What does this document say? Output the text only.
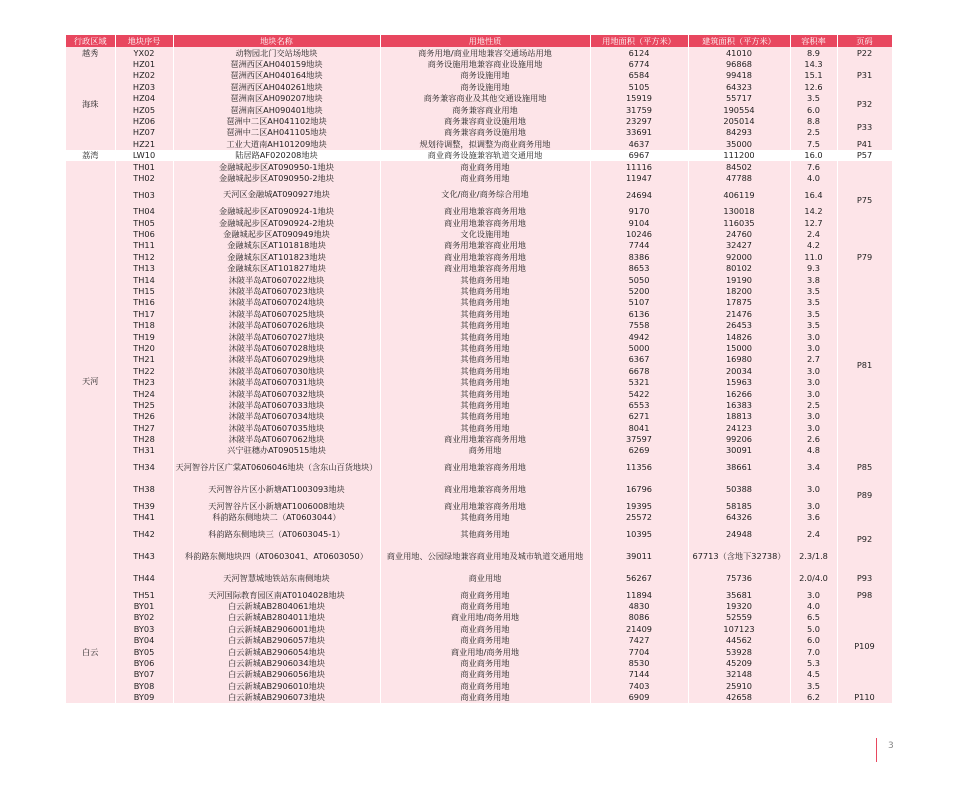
行政区域	地块序号	地块名称	用地性质	用地面积（平方米）	建筑面积（平方米）	容积率	页码
越秀	YX02	动物园北门交站场地块	商务用地/商业用地兼容交通场站用地	6124	41010	8.9	P22
海珠	HZ01	琶洲西区AH040159地块	商务设施用地兼容商业设施用地	6774	96868	14.3	P31
	HZ02	琶洲西区AH040164地块	商务设施用地	6584	99418	15.1	
	HZ03	琶洲西区AH040261地块	商务设施用地	5105	64323	12.6	
	HZ04	琶洲南区AH090207地块	商务兼容商业及其他交通设施用地	15919	55717	3.5	P32
	HZ05	琶洲南区AH090401地块	商务兼容商业用地	31759	190554	6.0	
	HZ06	琶洲中二区AH041102地块	商务兼容商业设施用地	23297	205014	8.8	P33
	HZ07	琶洲中二区AH041105地块	商务兼容商务设施用地	33691	84293	2.5	
	HZ21	工业大道南AH101209地块	规划待调整，拟调整为商业商务用地	4637	35000	7.5	P41
荔湾	LW10	陆居路AF020208地块	商业商务设施兼容轨道交通用地	6967	111200	16.0	P57
天河	TH01	金融城起步区AT090950-1地块	商业商务用地	11116	84502	7.6	P75
	TH02	金融城起步区AT090950-2地块	商业商务用地	11947	47788	4.0	
	TH03	天河区金融城AT090927地块	文化/商业/商务综合用地	24694	406119	16.4	
	TH04	金融城起步区AT090924-1地块	商业用地兼容商务用地	9170	130018	14.2	
	TH05	金融城起步区AT090924-2地块	商业用地兼容商务用地	9104	116035	12.7	
	TH06	金融城起步区AT090949地块	文化设施用地	10246	24760	2.4	
	TH11	金融城东区AT101818地块	商务用地兼容商业用地	7744	32427	4.2	P79
	TH12	金融城东区AT101823地块	商业用地兼容商务用地	8386	92000	11.0	
	TH13	金融城东区AT101827地块	商业用地兼容商务用地	8653	80102	9.3	
	TH14	沐陂半岛AT0607022地块	其他商务用地	5050	19190	3.8	P81
	TH15	沐陂半岛AT0607023地块	其他商务用地	5200	18200	3.5	
	TH16	沐陂半岛AT0607024地块	其他商务用地	5107	17875	3.5	
	TH17	沐陂半岛AT0607025地块	其他商务用地	6136	21476	3.5	
	TH18	沐陂半岛AT0607026地块	其他商务用地	7558	26453	3.5	
	TH19	沐陂半岛AT0607027地块	其他商务用地	4942	14826	3.0	
	TH20	沐陂半岛AT0607028地块	其他商务用地	5000	15000	3.0	
	TH21	沐陂半岛AT0607029地块	其他商务用地	6367	16980	2.7	
	TH22	沐陂半岛AT0607030地块	其他商务用地	6678	20034	3.0	
	TH23	沐陂半岛AT0607031地块	其他商务用地	5321	15963	3.0	
	TH24	沐陂半岛AT0607032地块	其他商务用地	5422	16266	3.0	
	TH25	沐陂半岛AT0607033地块	其他商务用地	6553	16383	2.5	
	TH26	沐陂半岛AT0607034地块	其他商务用地	6271	18813	3.0	
	TH27	沐陂半岛AT0607035地块	其他商务用地	8041	24123	3.0	
	TH28	沐陂半岛AT0607062地块	商业用地兼容商务用地	37597	99206	2.6	
	TH31	兴宁驻穗办AT090515地块	商务用地	6269	30091	4.8	
	TH34	天河智谷片区广棠AT0606046地块（含东山百货地块）	商业用地兼容商务用地	11356	38661	3.4	P85
	TH38	天河智谷片区小新塘AT1003093地块	商业用地兼容商务用地	16796	50388	3.0	P89
	TH39	天河智谷片区小新塘AT1006008地块	商业用地兼容商务用地	19395	58185	3.0	
	TH41	科韵路东侧地块二（AT0603044）	其他商务用地	25572	64326	3.6	P92
	TH42	科韵路东侧地块三（AT0603045-1）	其他商务用地	10395	24948	2.4	
	TH43	科韵路东侧地块四（AT0603041、AT0603050）	商业用地、公园绿地兼容商业用地及城市轨道交通用地	39011	67713（含地下32738）	2.3/1.8	
	TH44	天河智慧城地铁站东南侧地块	商业用地	56267	75736	2.0/4.0	P93
	TH51	天河国际教育园区南AT0104028地块	商业商务用地	11894	35681	3.0	P98
白云	BY01	白云新城AB2804061地块	商业商务用地	4830	19320	4.0	P109
	BY02	白云新城AB2804011地块	商业用地/商务用地	8086	52559	6.5	
	BY03	白云新城AB2906001地块	商业商务用地	21409	107123	5.0	
	BY04	白云新城AB2906057地块	商业商务用地	7427	44562	6.0	
	BY05	白云新城AB2906054地块	商业用地/商务用地	7704	53928	7.0	
	BY06	白云新城AB2906034地块	商业商务用地	8530	45209	5.3	
	BY07	白云新城AB2906056地块	商业商务用地	7144	32148	4.5	
	BY08	白云新城AB2906010地块	商业商务用地	7403	25910	3.5	
	BY09	白云新城AB2906073地块	商业商务用地	6909	42658	6.2	P110
3
